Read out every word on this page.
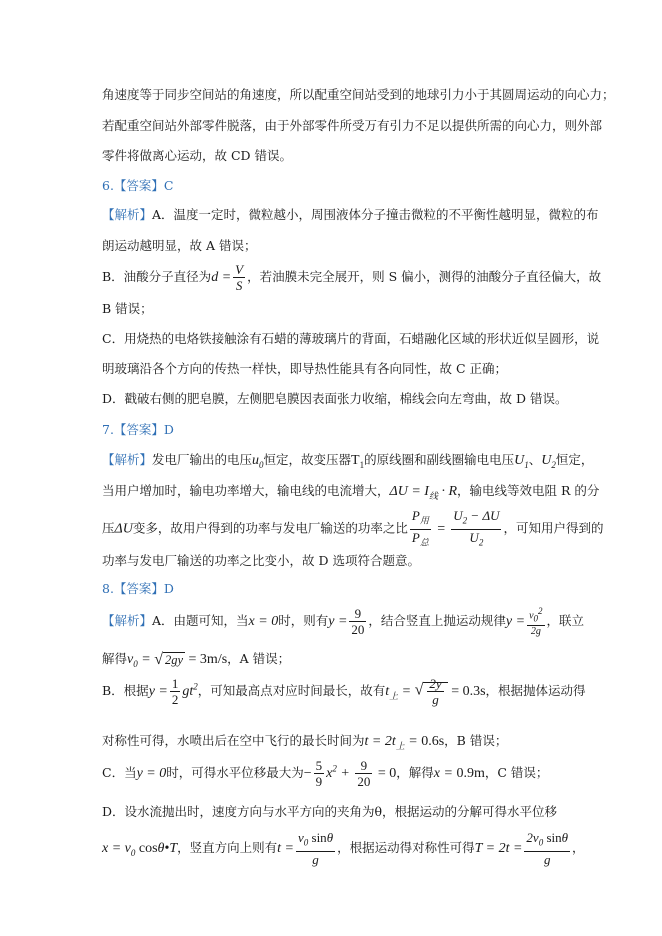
角速度等于同步空间站的角速度，所以配重空间站受到的地球引力小于其圆周运动的向心力；
若配重空间站外部零件脱落，由于外部零件所受万有引力不足以提供所需的向心力，则外部
零件将做离心运动，故 CD 错误。
6.【答案】C
【解析】A．温度一定时，微粒越小，周围液体分子撞击微粒的不平衡性越明显，微粒的布
朗运动越明显，故 A 错误；
B．油酸分子直径为$d = \frac{V}{S}$ ，若油膜未完全展开，则 S 偏小，测得的油酸分子直径偏大，故
B 错误；
C．用烧热的电烙铁接触涂有石蜡的薄玻璃片的背面，石蜡融化区域的形状近似呈圆形，说
明玻璃沿各个方向的传热一样快，即导热性能具有各向同性，故 C 正确；
D．戳破右侧的肥皂膜，左侧肥皂膜因表面张力收缩，棉线会向左弯曲，故 D 错误。
7.【答案】D
【解析】发电厂输出的电压$u_0$恒定，故变压器$T_1$的原线圈和副线圈输电电压$U_1$、$U_2$恒定，
当用户增加时，输电功率增大，输电线的电流增大，$\Delta U = I_线 \cdot R$，输电线等效电阻 R 的分
压ΔU变多，故用户得到的功率与发电厂输送的功率之比 $\frac{P_用}{P_总} = \frac{U_2 - \Delta U}{U_2}$ ，可知用户得到的
功率与发电厂输送的功率之比变小，故 D 选项符合题意。
8.【答案】D
【解析】A．由题可知，当x = 0时，则有$y = \frac{9}{20}$ ，结合竖直上抛运动规律$y = \frac{v_0^2}{2g}$ ，联立
解得$v_0$ = √ 2gy = 3m/s，A 错误；
B．根据$y = \frac{1}{2} gt^2$，可知最高点对应时间最长，故有$t_上$ = √ $\frac{2y}{g} = 0.3s$，根据抛体运动得
对称性可得，水喷出后在空中飞行的最长时间为$t = 2t_上 = 0.6s$，B 错误；
C．当y = 0时，可得水平位移最大为− $\frac{5}{9} x^2 + \frac{9}{20} = 0$，解得x = 0.9m，C 错误；
D．设水流抛出时，速度方向与水平方向的夹角为θ，根据运动的分解可得水平位移
$x = v_0$ cosθ•T，竖直方向上则有$t = \frac{v_0 \sin\theta}{g}$ ，根据运动得对称性可得$T = 2t = \frac{2v_0 \sin\theta}{g}$ ，
